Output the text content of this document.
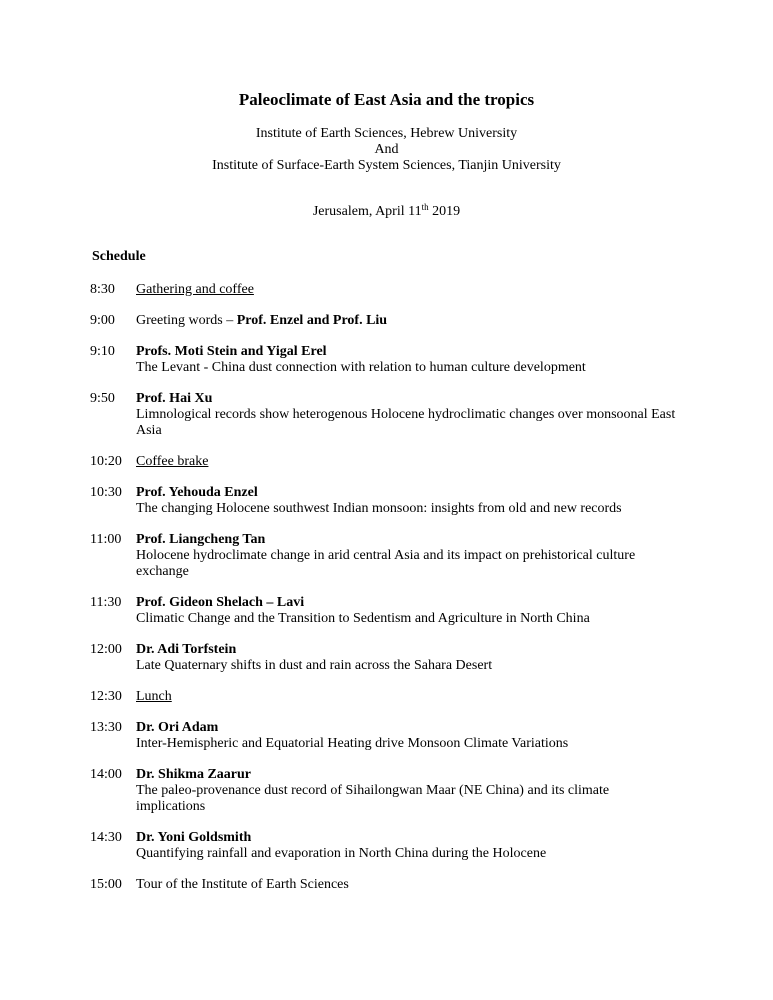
Paleoclimate of East Asia and the tropics
Institute of Earth Sciences, Hebrew University
And
Institute of Surface-Earth System Sciences, Tianjin University
Jerusalem, April 11th 2019
Schedule
8:30	Gathering and coffee
9:00	Greeting words – Prof. Enzel and Prof. Liu
9:10	Profs. Moti Stein and Yigal Erel
The Levant - China dust connection with relation to human culture development
9:50	Prof. Hai Xu
Limnological records show heterogenous Holocene hydroclimatic changes over monsoonal East Asia
10:20	Coffee brake
10:30	Prof. Yehouda Enzel
The changing Holocene southwest Indian monsoon: insights from old and new records
11:00	Prof. Liangcheng Tan
Holocene hydroclimate change in arid central Asia and its impact on prehistorical culture exchange
11:30	Prof. Gideon Shelach – Lavi
Climatic Change and the Transition to Sedentism and Agriculture in North China
12:00	Dr. Adi Torfstein
Late Quaternary shifts in dust and rain across the Sahara Desert
12:30	Lunch
13:30	Dr. Ori Adam
Inter-Hemispheric and Equatorial Heating drive Monsoon Climate Variations
14:00	Dr. Shikma Zaarur
The paleo-provenance dust record of Sihailongwan Maar (NE China) and its climate implications
14:30	Dr. Yoni Goldsmith
Quantifying rainfall and evaporation in North China during the Holocene
15:00	Tour of the Institute of Earth Sciences
